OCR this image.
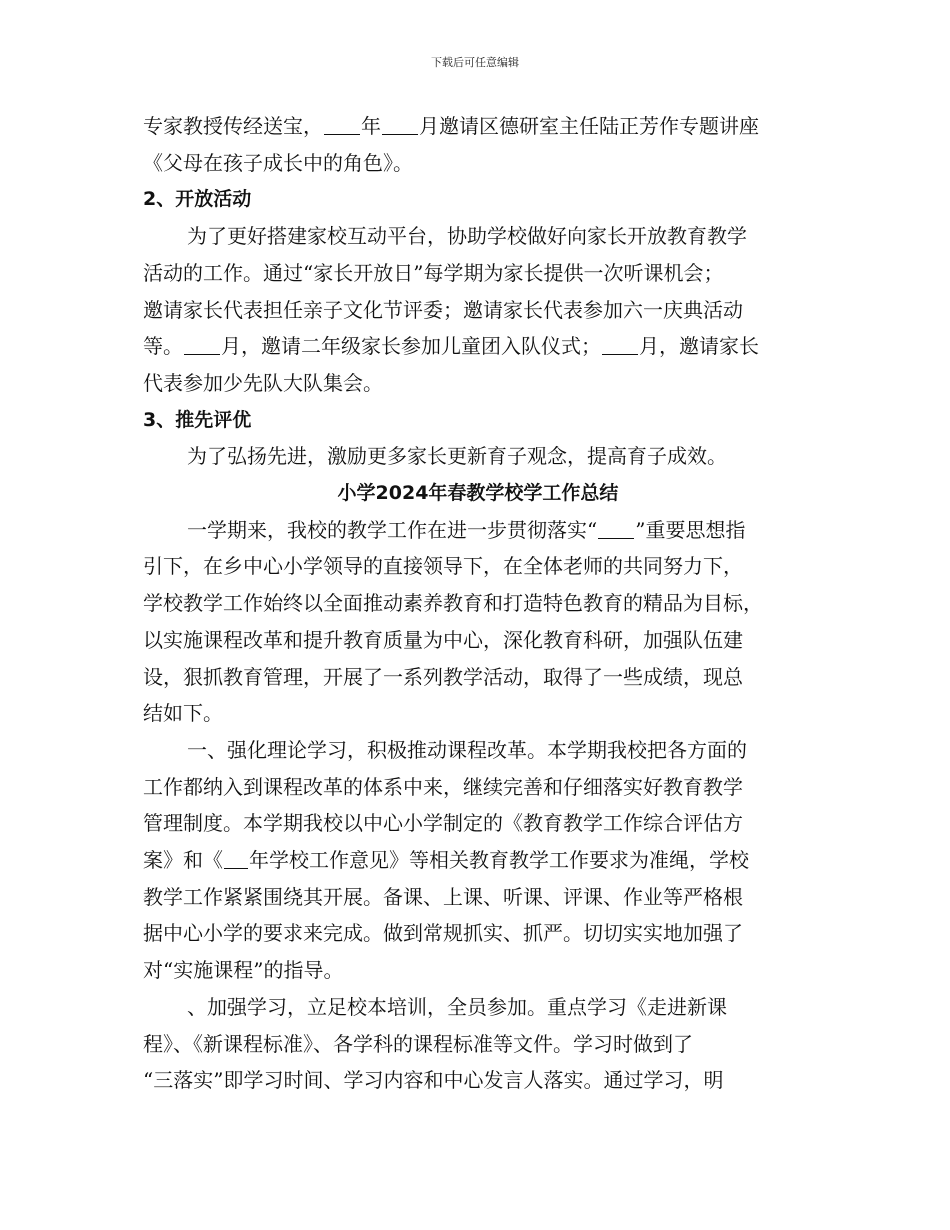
下载后可任意编辑

专家教授传经送宝， 年 月邀请区德研室主任陆正芳作专题讲座
《父母在孩子成长中的角色》。

2、开放活动

为了更好搭建家校互动平台，协助学校做好向家长开放教育教学
活动的工作。通过“家长开放日”每学期为家长提供一次听课机会；
邀请家长代表担任亲子文化节评委；邀请家长代表参加六一庆典活动
等。 月，邀请二年级家长参加儿童团入队仪式； 月，邀请家长
代表参加少先队大队集会。

3、推先评优

为了弘扬先进，激励更多家长更新育子观念，提高育子成效。

小学2024年春教学校学工作总结

一学期来，我校的教学工作在进一步贯彻落实“ ”重要思想指
引下，在乡中心小学领导的直接领导下，在全体老师的共同努力下，
学校教学工作始终以全面推动素养教育和打造特色教育的精品为目标，
以实施课程改革和提升教育质量为中心，深化教育科研，加强队伍建
设，狠抓教育管理，开展了一系列教学活动，取得了一些成绩，现总
结如下。

一、强化理论学习，积极推动课程改革。本学期我校把各方面的
工作都纳入到课程改革的体系中来，继续完善和仔细落实好教育教学
管理制度。本学期我校以中心小学制定的《教育教学工作综合评估方
案》和《 年学校工作意见》等相关教育教学工作要求为准绳，学校
教学工作紧紧围绕其开展。备课、上课、听课、评课、作业等严格根
据中心小学的要求来完成。做到常规抓实、抓严。切切实实地加强了
对“实施课程”的指导。

、加强学习，立足校本培训，全员参加。重点学习《走进新课
程》、《新课程标准》、各学科的课程标准等文件。学习时做到了
“三落实”即学习时间、学习内容和中心发言人落实。通过学习，明
